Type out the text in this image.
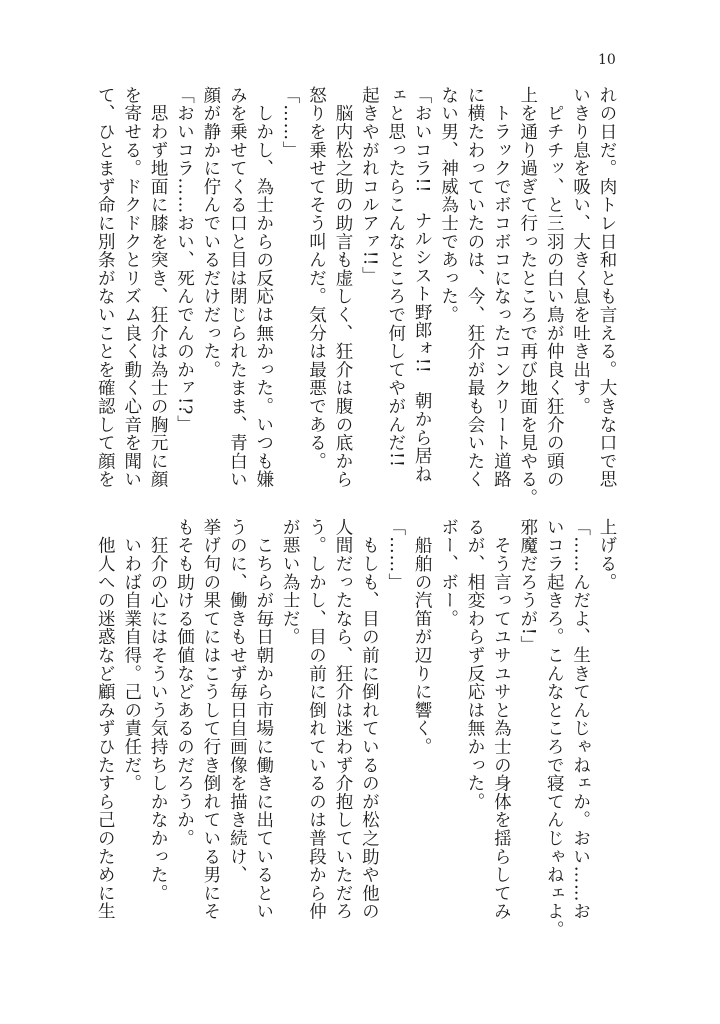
10
れの日だ。肉トレ日和とも言える。大きな口で思
いきり息を吸い、大きく息を吐き出す。
　ピチチッ、と三羽の白い鳥が仲良く狂介の頭の
上を通り過ぎて行ったところで再び地面を見やる。
　トラックでボコボコになったコンクリート道路
に横たわっていたのは、今、狂介が最も会いたく
ない男、神威為士であった。
「おいコラ!!　ナルシスト野郎ォ!!　朝から居ね
ェと思ったらこんなところで何してやがんだ!!
起きやがれコルアァ!!」
　脳内松之助の助言も虚しく、狂介は腹の底から
怒りを乗せてそう叫んだ。気分は最悪である。
「……」
　しかし、為士からの反応は無かった。いつも嫌
みを乗せてくる口と目は閉じられたまま、青白い
顔が静かに佇んでいるだけだった。
「おいコラ……おい、死んでんのかァ!?」
　思わず地面に膝を突き、狂介は為士の胸元に顔
を寄せる。ドクドクとリズム良く動く心音を聞い
て、ひとまず命に別条がないことを確認して顔を
上げる。
「……んだよ、生きてんじゃねェか。おい……お
いコラ起きろ。こんなところで寝てんじゃねェよ。
邪魔だろうが!」
　そう言ってユサユサと為士の身体を揺らしてみ
るが、相変わらず反応は無かった。
ボー、ボー。
　船舶の汽笛が辺りに響く。
「……」
　もしも、目の前に倒れているのが松之助や他の
人間だったなら、狂介は迷わず介抱していただろ
う。しかし、目の前に倒れているのは普段から仲
が悪い為士だ。
　こちらが毎日朝から市場に働きに出ているとい
うのに、働きもせず毎日自画像を描き続け、
挙げ句の果てにはこうして行き倒れている男にそ
もそも助ける価値などあるのだろうか。
　狂介の心にはそういう気持ちしかなかった。
　いわば自業自得。己の責任だ。
　他人への迷惑など顧みずひたすら己のために生
